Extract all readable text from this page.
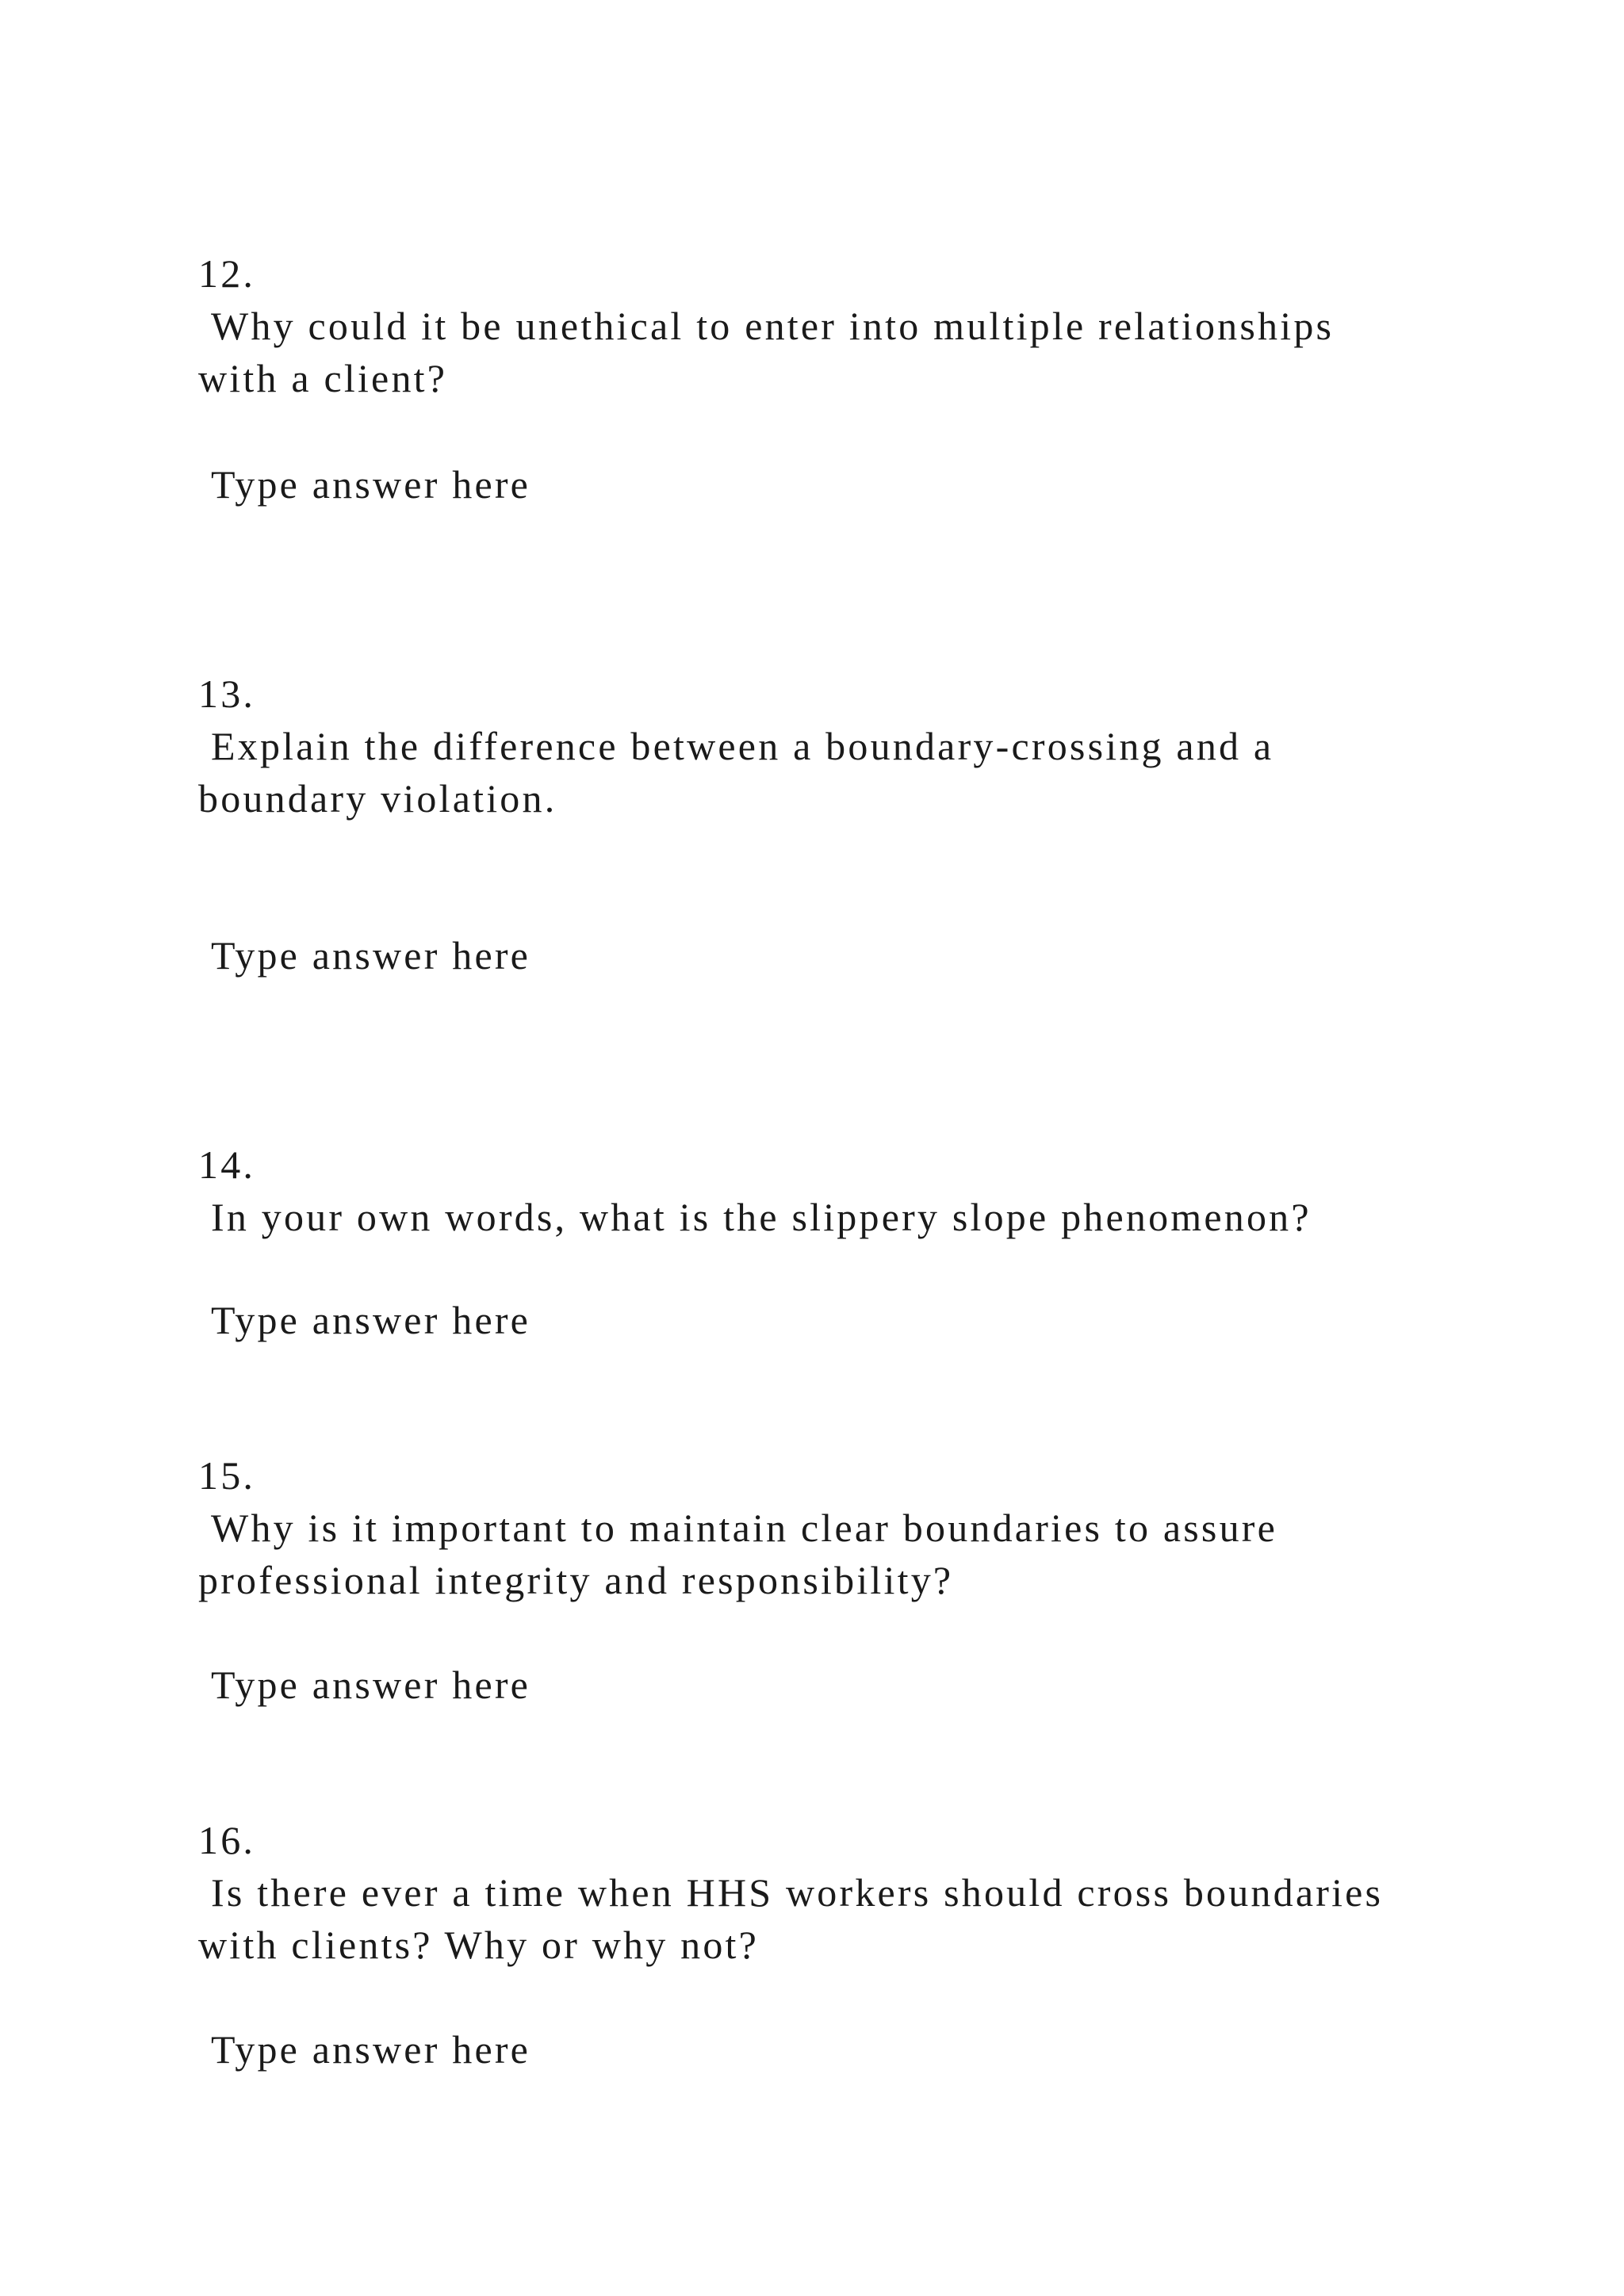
12.
Why could it be unethical to enter into multiple relationships
with a client?
Type answer here
13.
Explain the difference between a boundary-crossing and a
boundary violation.
Type answer here
14.
In your own words, what is the slippery slope phenomenon?
Type answer here
15.
Why is it important to maintain clear boundaries to assure
professional integrity and responsibility?
Type answer here
16.
Is there ever a time when HHS workers should cross boundaries
with clients? Why or why not?
Type answer here
